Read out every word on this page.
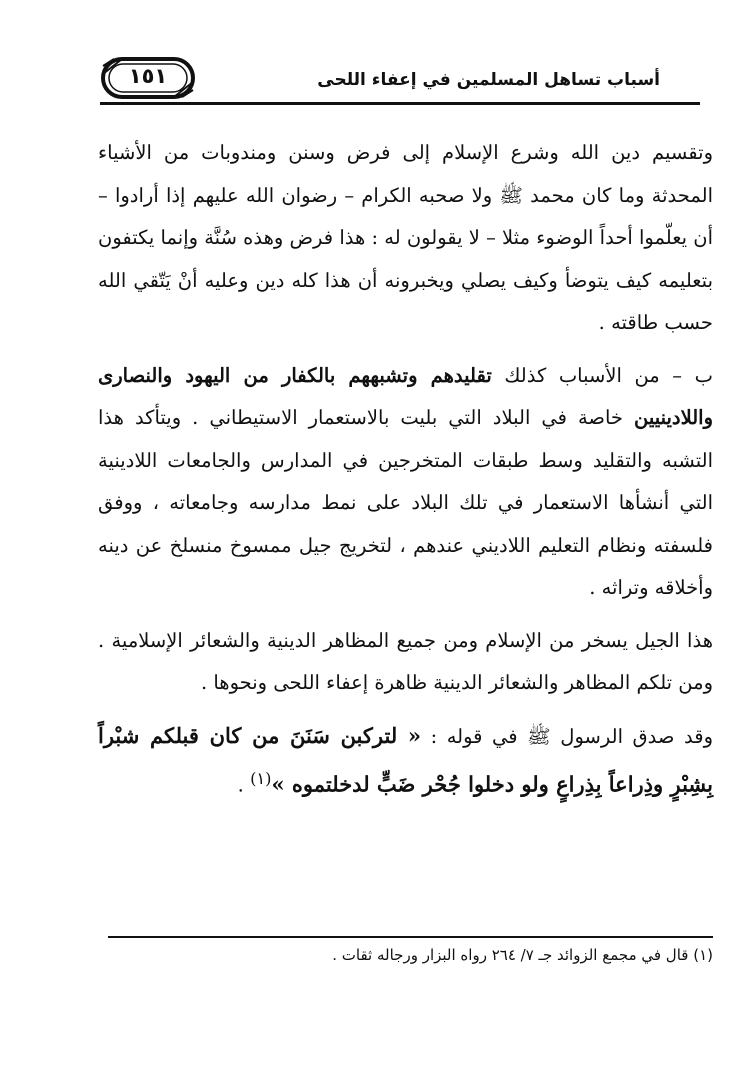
١٥١	أسباب تساهل المسلمين في إعفاء اللحى

وتقسيم دين الله وشرع الإسلام إلى فرض وسنن ومندوبات من الأشياء المحدثة وما كان محمد ﷺ ولا صحبه الكرام – رضوان الله عليهم إذا أرادوا – أن يعلّموا أحداً الوضوء مثلا – لا يقولون له : هذا فرض وهذه سُنَّة وإنما يكتفون بتعليمه كيف يتوضأ وكيف يصلي ويخبرونه أن هذا كله دين وعليه أنْ يَتّقي الله حسب طاقته .

ب – من الأسباب كذلك تقليدهم وتشبههم بالكفار من اليهود والنصارى واللادينيين خاصة في البلاد التي بليت بالاستعمار الاستيطاني . ويتأكد هذا التشبه والتقليد وسط طبقات المتخرجين في المدارس والجامعات اللادينية التي أنشأها الاستعمار في تلك البلاد على نمط مدارسه وجامعاته ، ووفق فلسفته ونظام التعليم اللاديني عندهم ، لتخريج جيل ممسوخ منسلخ عن دينه وأخلاقه وتراثه .

هذا الجيل يسخر من الإسلام ومن جميع المظاهر الدينية والشعائر الإسلامية . ومن تلكم المظاهر والشعائر الدينية ظاهرة إعفاء اللحى ونحوها .

وقد صدق الرسول ﷺ في قوله : « لتركبن سَنَنَ من كان قبلكم شبْراً بِشِبْرٍ وذِراعاً بِذِراعٍ ولو دخلوا جُحْر ضَبٍّ لدخلتموه »$^{(١)}$ .

(١) قال في مجمع الزوائد جـ ٧/ ٢٦٤ رواه البزار ورجاله ثقات .
